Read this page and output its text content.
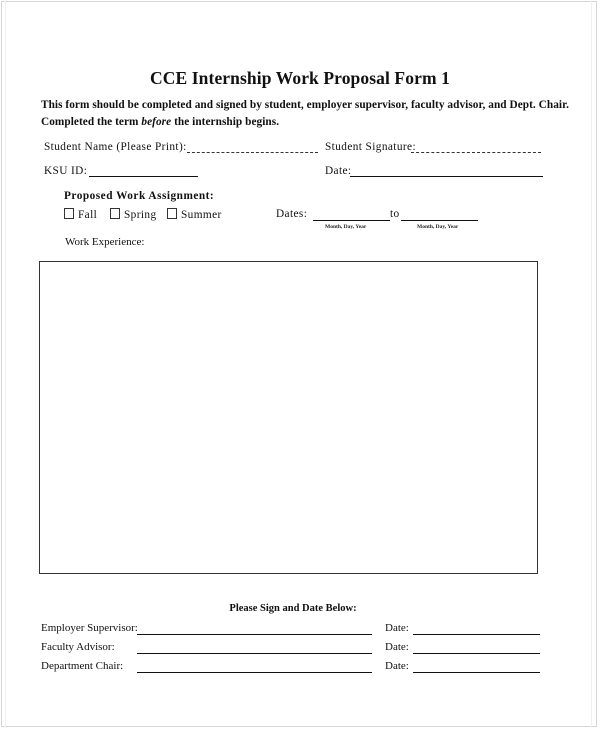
CCE Internship Work Proposal Form 1
This form should be completed and signed by student, employer supervisor, faculty advisor, and Dept. Chair.
Completed the term before the internship begins.
Student Name (Please Print):	Student Signature:
KSU ID:	Date:
Proposed Work Assignment:
Fall	Spring	Summer	Dates:	to
Month, Day, Year	Month, Day, Year
Work Experience:
Please Sign and Date Below:
Employer Supervisor:	Date:
Faculty Advisor:	Date:
Department Chair:	Date:
